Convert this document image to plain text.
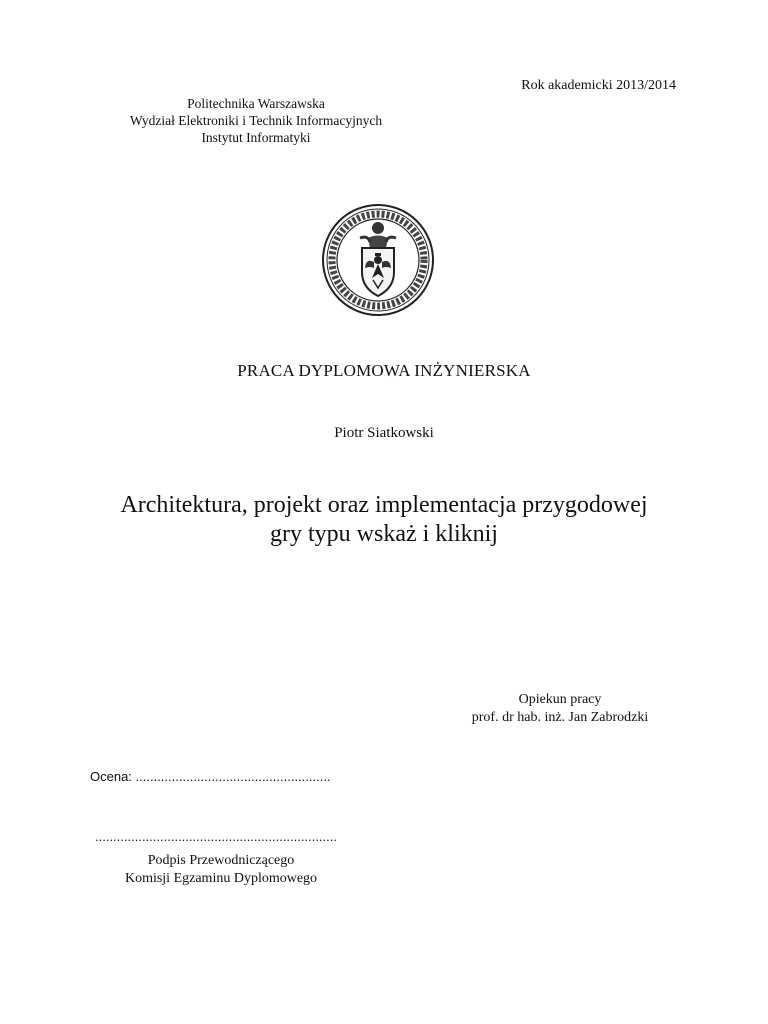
Rok akademicki 2013/2014
Politechnika Warszawska
Wydział Elektroniki i Technik Informacyjnych
Instytut Informatyki
PRACA DYPLOMOWA INŻYNIERSKA
Piotr Siatkowski
Architektura, projekt oraz implementacja przygodowej
gry typu wskaż i kliknij
Opiekun pracy
prof. dr hab. inż. Jan Zabrodzki
Ocena: ......................................................
...................................................................
Podpis Przewodniczącego
Komisji Egzaminu Dyplomowego
